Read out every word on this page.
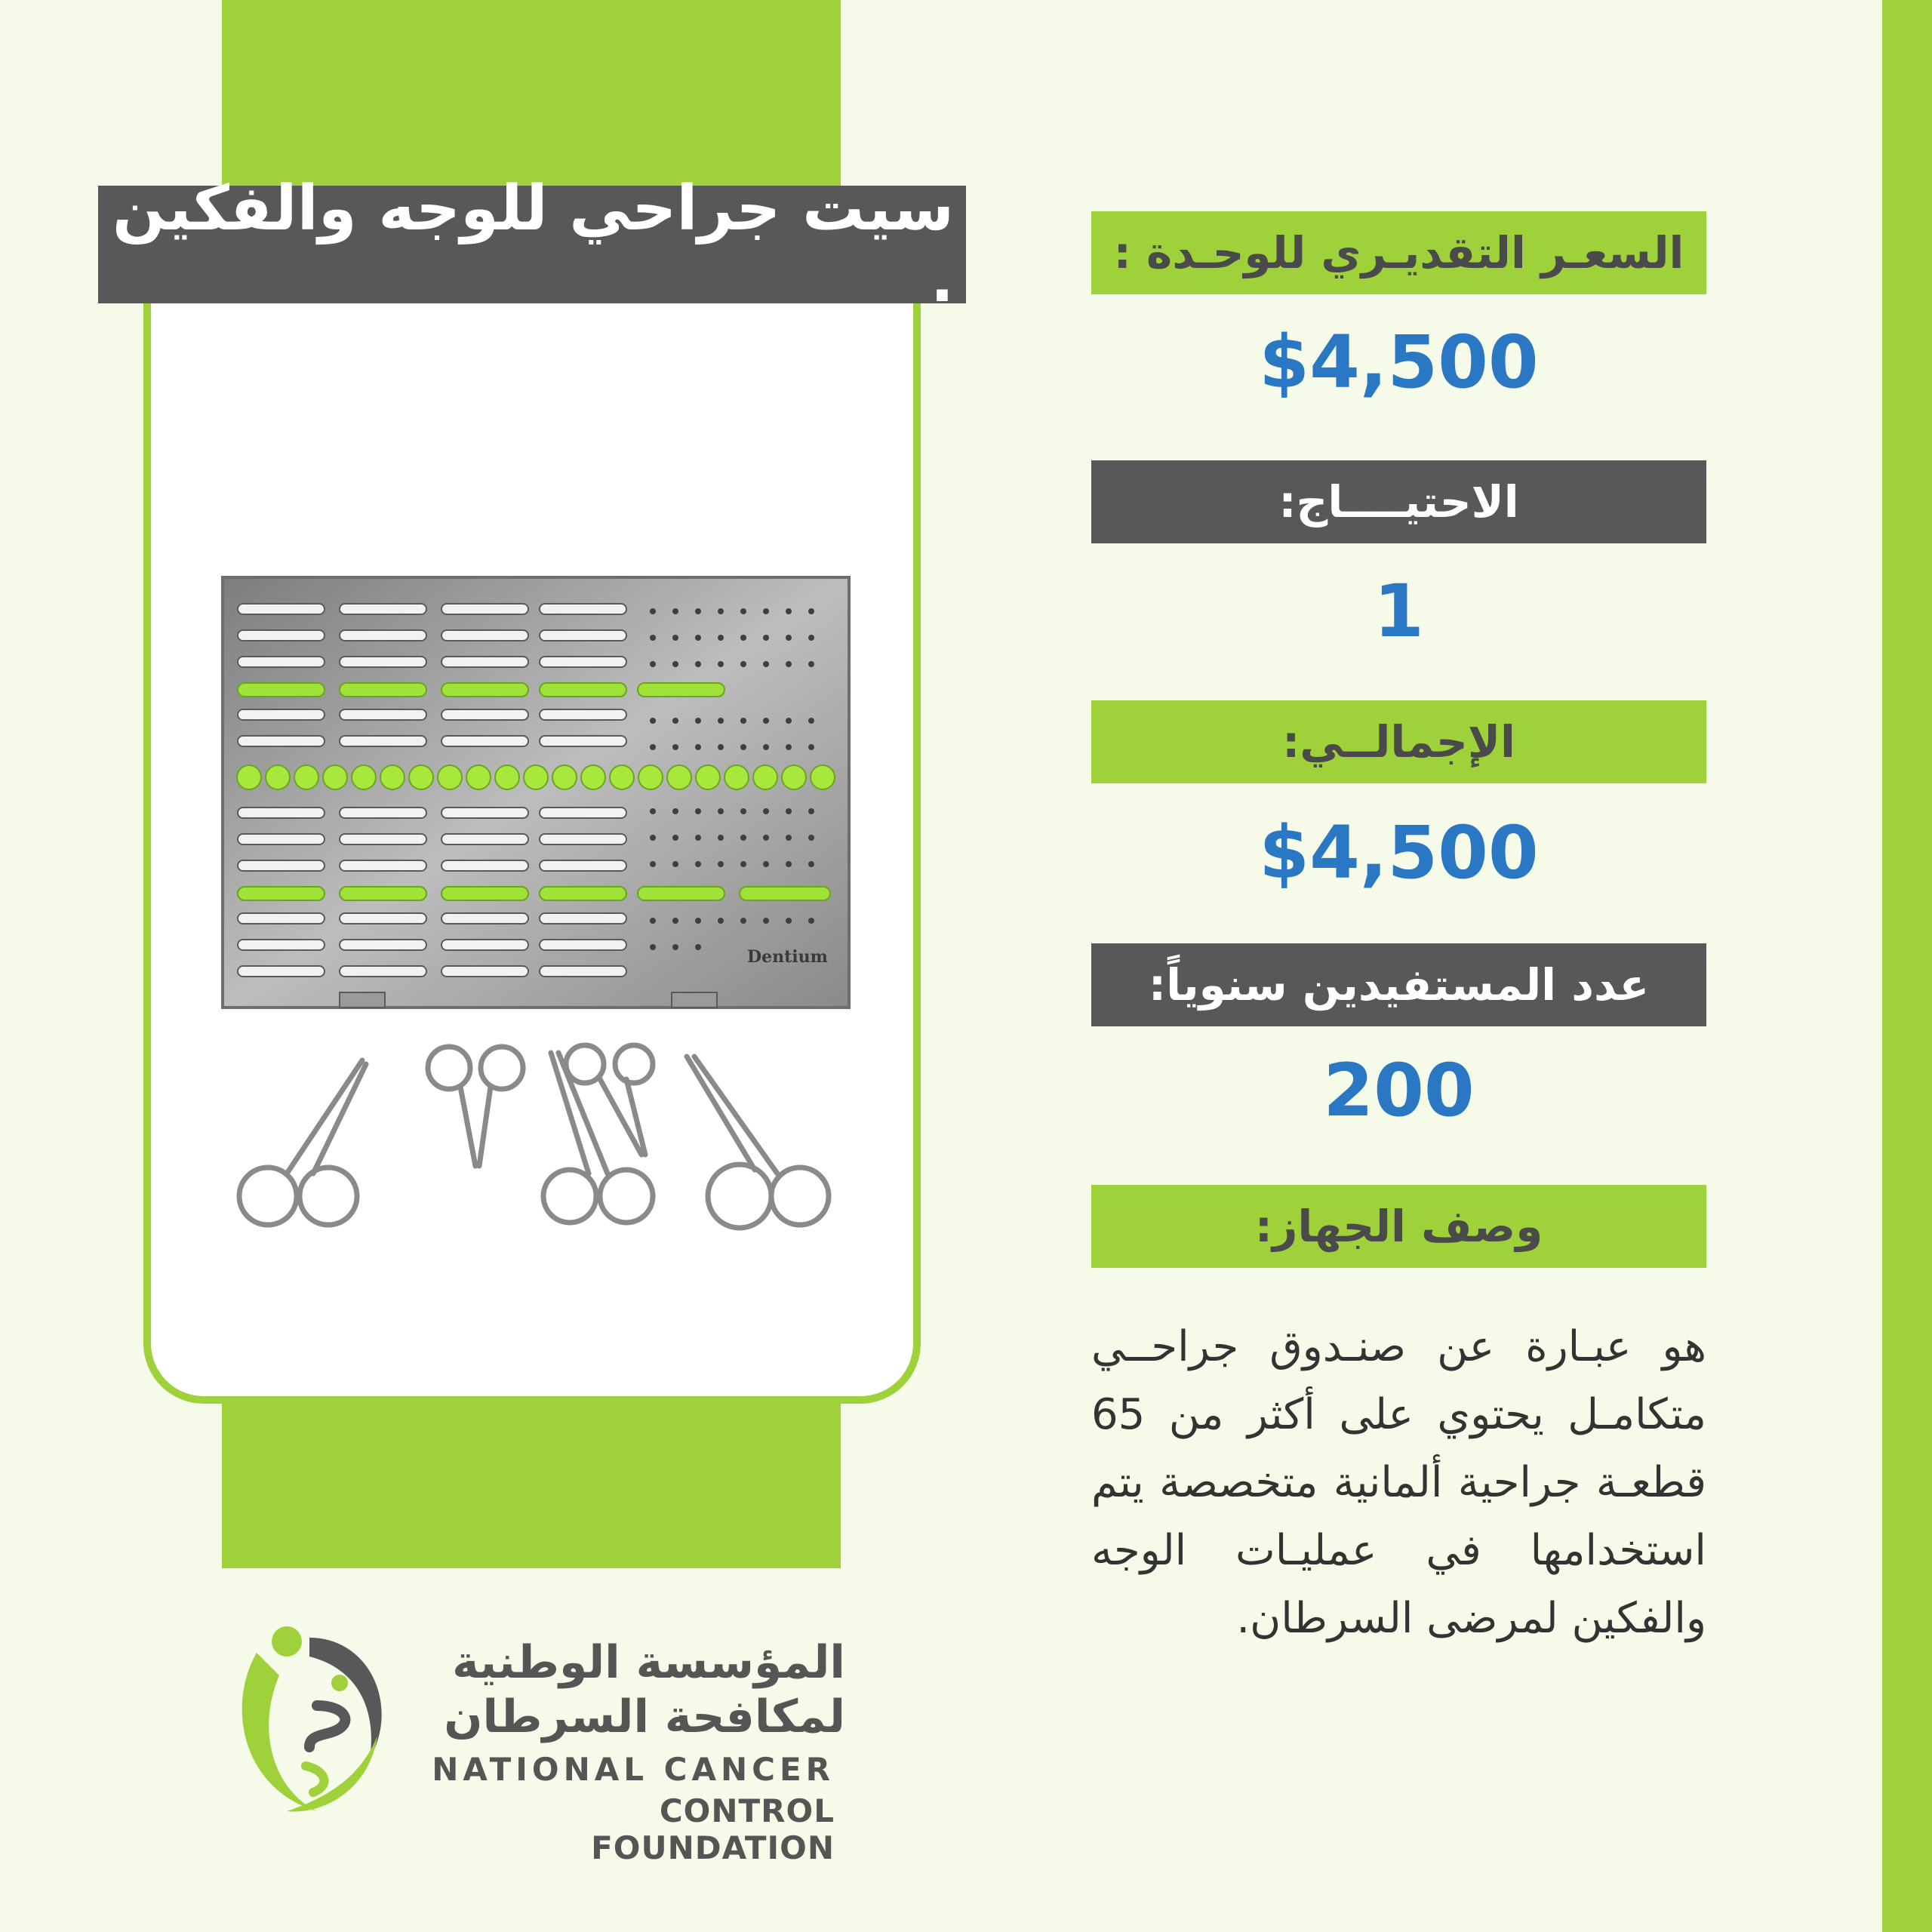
سيت جراحي للوجه والفكين .
Dentium
السعـر التقديـري للوحـدة :
$4,500
الاحتيــــاج:
1
الإجمالــي:
$4,500
عدد المستفيدين سنوياً:
200
وصف الجهاز:
هو عبـارة عن صنـدوق جراحــي متكامـل يحتوي على أكثر من 65 قطعـة جراحية ألمانية متخصصة يتم استخدامها في عمليـات الوجه والفكين لمرضى السرطان.
المؤسسة الوطنية
لمكافحة السرطان
NATIONAL CANCER
CONTROL FOUNDATION
